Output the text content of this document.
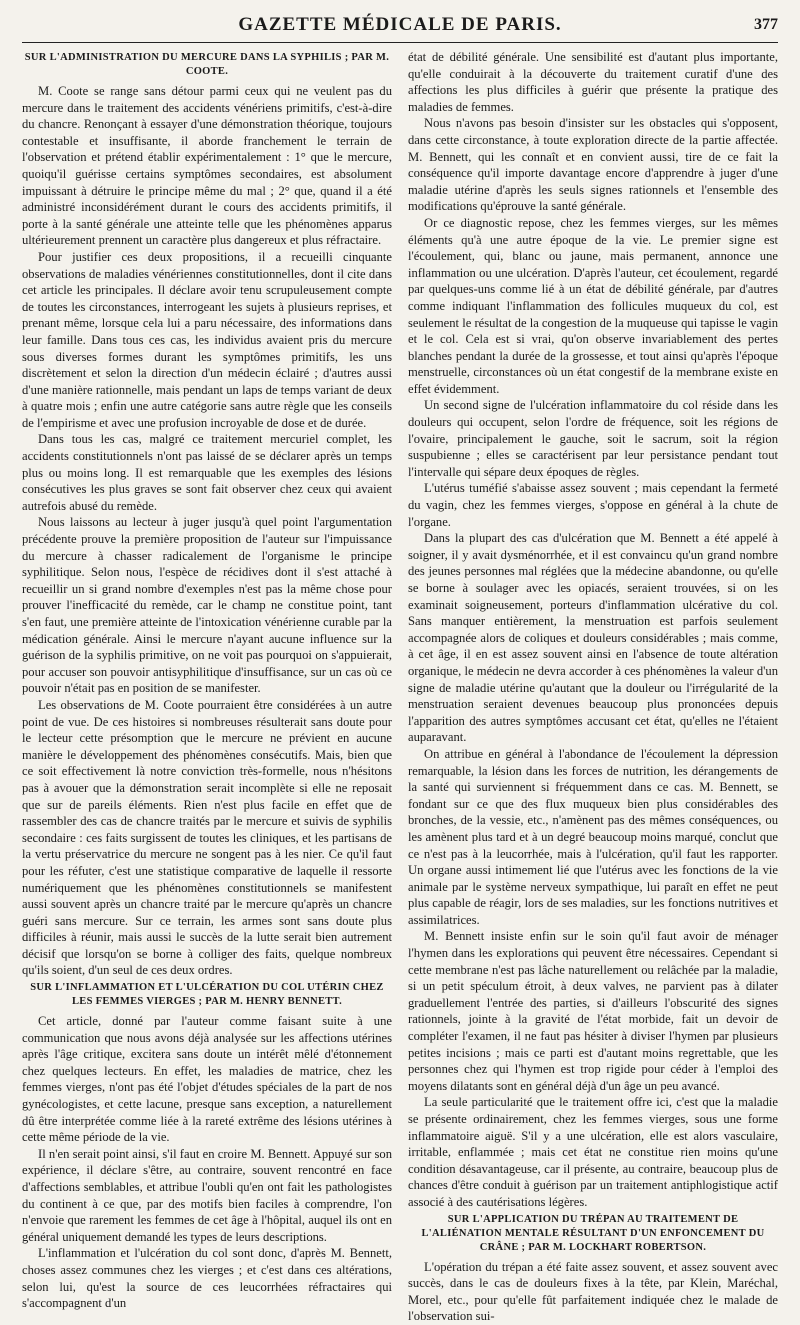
GAZETTE MÉDICALE DE PARIS.	377
SUR L'ADMINISTRATION DU MERCURE DANS LA SYPHILIS ; PAR M. COOTE.

M. Coote se range sans détour parmi ceux qui ne veulent pas du mercure dans le traitement des accidents vénériens primitifs, c'est-à-dire du chancre. Renonçant à essayer d'une démonstration théorique, toujours contestable et insuffisante, il aborde franchement le terrain de l'observation et prétend établir expérimentalement : 1° que le mercure, quoiqu'il guérisse certains symptômes secondaires, est absolument impuissant à détruire le principe même du mal ; 2° que, quand il a été administré inconsidérément durant le cours des accidents primitifs, il porte à la santé générale une atteinte telle que les phénomènes apparus ultérieurement prennent un caractère plus dangereux et plus réfractaire.

Pour justifier ces deux propositions, il a recueilli cinquante observations de maladies vénériennes constitutionnelles, dont il cite dans cet article les principales. Il déclare avoir tenu scrupuleusement compte de toutes les circonstances, interrogeant les sujets à plusieurs reprises, et prenant même, lorsque cela lui a paru nécessaire, des informations dans leur famille. Dans tous ces cas, les individus avaient pris du mercure sous diverses formes durant les symptômes primitifs, les uns discrètement et selon la direction d'un médecin éclairé ; d'autres aussi d'une manière rationnelle, mais pendant un laps de temps variant de deux à quatre mois ; enfin une autre catégorie sans autre règle que les conseils de l'empirisme et avec une profusion incroyable de dose et de durée.

Dans tous les cas, malgré ce traitement mercuriel complet, les accidents constitutionnels n'ont pas laissé de se déclarer après un temps plus ou moins long. Il est remarquable que les exemples des lésions consécutives les plus graves se sont fait observer chez ceux qui avaient autrefois abusé du remède.

Nous laissons au lecteur à juger jusqu'à quel point l'argumentation précédente prouve la première proposition de l'auteur sur l'impuissance du mercure à chasser radicalement de l'organisme le principe syphilitique. Selon nous, l'espèce de récidives dont il s'est attaché à recueillir un si grand nombre d'exemples n'est pas la même chose pour prouver l'inefficacité du remède, car le champ ne constitue point, tant s'en faut, une première atteinte de l'intoxication vénérienne curable par la médication générale. Ainsi le mercure n'ayant aucune influence sur la guérison de la syphilis primitive, on ne voit pas pourquoi on s'appuierait, pour accuser son pouvoir antisyphilitique d'insuffisance, sur un cas où ce pouvoir n'était pas en position de se manifester.

Les observations de M. Coote pourraient être considérées à un autre point de vue. De ces histoires si nombreuses résulterait sans doute pour le lecteur cette présomption que le mercure ne prévient en aucune manière le développement des phénomènes consécutifs. Mais, bien que ce soit effectivement là notre conviction très-formelle, nous n'hésitons pas à avouer que la démonstration serait incomplète si elle ne reposait que sur de pareils éléments. Rien n'est plus facile en effet que de rassembler des cas de chancre traités par le mercure et suivis de syphilis secondaire : ces faits surgissent de toutes les cliniques, et les partisans de la vertu préservatrice du mercure ne songent pas à les nier. Ce qu'il faut pour les réfuter, c'est une statistique comparative de laquelle il ressorte numériquement que les phénomènes constitutionnels se manifestent aussi souvent après un chancre traité par le mercure qu'après un chancre guéri sans mercure. Sur ce terrain, les armes sont sans doute plus difficiles à réunir, mais aussi le succès de la lutte serait bien autrement décisif que lorsqu'on se borne à colliger des faits, quelque nombreux qu'ils soient, d'un seul de ces deux ordres.

SUR L'INFLAMMATION ET L'ULCÉRATION DU COL UTÉRIN CHEZ LES FEMMES VIERGES ; PAR M. HENRY BENNETT.

Cet article, donné par l'auteur comme faisant suite à une communication que nous avons déjà analysée sur les affections utérines après l'âge critique, excitera sans doute un intérêt mêlé d'étonnement chez quelques lecteurs. En effet, les maladies de matrice, chez les femmes vierges, n'ont pas été l'objet d'études spéciales de la part de nos gynécologistes, et cette lacune, presque sans exception, a naturellement dû être interprétée comme liée à la rareté extrême des lésions utérines à cette même période de la vie.

Il n'en serait point ainsi, s'il faut en croire M. Bennett. Appuyé sur son expérience, il déclare s'être, au contraire, souvent rencontré en face d'affections semblables, et attribue l'oubli qu'en ont fait les pathologistes du continent à ce que, par des motifs bien faciles à comprendre, l'on n'envoie que rarement les femmes de cet âge à l'hôpital, auquel ils ont en général uniquement demandé les types de leurs descriptions.

L'inflammation et l'ulcération du col sont donc, d'après M. Bennett, choses assez communes chez les vierges ; et c'est dans ces altérations, selon lui, qu'est la source de ces leucorrhées réfractaires qui s'accompagnent d'un

état de débilité générale. Une sensibilité est d'autant plus importante, qu'elle conduirait à la découverte du traitement curatif d'une des affections les plus difficiles à guérir que présente la pratique des maladies de femmes.

Nous n'avons pas besoin d'insister sur les obstacles qui s'opposent, dans cette circonstance, à toute exploration directe de la partie affectée. M. Bennett, qui les connaît et en convient aussi, tire de ce fait la conséquence qu'il importe davantage encore d'apprendre à juger d'une maladie utérine d'après les seuls signes rationnels et l'ensemble des modifications qu'éprouve la santé générale.

Or ce diagnostic repose, chez les femmes vierges, sur les mêmes éléments qu'à une autre époque de la vie. Le premier signe est l'écoulement, qui, blanc ou jaune, mais permanent, annonce une inflammation ou une ulcération. D'après l'auteur, cet écoulement, regardé par quelques-uns comme lié à un état de débilité générale, par d'autres comme indiquant l'inflammation des follicules muqueux du col, est seulement le résultat de la congestion de la muqueuse qui tapisse le vagin et le col. Cela est si vrai, qu'on observe invariablement des pertes blanches pendant la durée de la grossesse, et tout ainsi qu'après l'époque menstruelle, circonstances où un état congestif de la membrane existe en effet évidemment.

Un second signe de l'ulcération inflammatoire du col réside dans les douleurs qui occupent, selon l'ordre de fréquence, soit les régions de l'ovaire, principalement le gauche, soit le sacrum, soit la région suspubienne ; elles se caractérisent par leur persistance pendant tout l'intervalle qui sépare deux époques de règles.

L'utérus tuméfié s'abaisse assez souvent ; mais cependant la fermeté du vagin, chez les femmes vierges, s'oppose en général à la chute de l'organe.

Dans la plupart des cas d'ulcération que M. Bennett a été appelé à soigner, il y avait dysménorrhée, et il est convaincu qu'un grand nombre des jeunes personnes mal réglées que la médecine abandonne, ou qu'elle se borne à soulager avec les opiacés, seraient trouvées, si on les examinait soigneusement, porteurs d'inflammation ulcérative du col. Sans manquer entièrement, la menstruation est parfois seulement accompagnée alors de coliques et douleurs considérables ; mais comme, à cet âge, il en est assez souvent ainsi en l'absence de toute altération organique, le médecin ne devra accorder à ces phénomènes la valeur d'un signe de maladie utérine qu'autant que la douleur ou l'irrégularité de la menstruation seraient devenues beaucoup plus prononcées depuis l'apparition des autres symptômes accusant cet état, qu'elles ne l'étaient auparavant.

On attribue en général à l'abondance de l'écoulement la dépression remarquable, la lésion dans les forces de nutrition, les dérangements de la santé qui surviennent si fréquemment dans ce cas. M. Bennett, se fondant sur ce que des flux muqueux bien plus considérables des bronches, de la vessie, etc., n'amènent pas des mêmes conséquences, ou les amènent plus tard et à un degré beaucoup moins marqué, conclut que ce n'est pas à la leucorrhée, mais à l'ulcération, qu'il faut les rapporter. Un organe aussi intimement lié que l'utérus avec les fonctions de la vie animale par le système nerveux sympathique, lui paraît en effet ne peut plus capable de réagir, lors de ses maladies, sur les fonctions nutritives et assimilatrices.

M. Bennett insiste enfin sur le soin qu'il faut avoir de ménager l'hymen dans les explorations qui peuvent être nécessaires. Cependant si cette membrane n'est pas lâche naturellement ou relâchée par la maladie, si un petit spéculum étroit, à deux valves, ne parvient pas à dilater graduellement l'entrée des parties, si d'ailleurs l'obscurité des signes rationnels, jointe à la gravité de l'état morbide, fait un devoir de compléter l'examen, il ne faut pas hésiter à diviser l'hymen par plusieurs petites incisions ; mais ce parti est d'autant moins regrettable, que les personnes chez qui l'hymen est trop rigide pour céder à l'emploi des moyens dilatants sont en général déjà d'un âge un peu avancé.

La seule particularité que le traitement offre ici, c'est que la maladie se présente ordinairement, chez les femmes vierges, sous une forme inflammatoire aiguë. S'il y a une ulcération, elle est alors vasculaire, irritable, enflammée ; mais cet état ne constitue rien moins qu'une condition désavantageuse, car il présente, au contraire, beaucoup plus de chances d'être conduit à guérison par un traitement antiphlogistique actif associé à des cautérisations légères.

SUR L'APPLICATION DU TRÉPAN AU TRAITEMENT DE L'ALIÉNATION MENTALE RÉSULTANT D'UN ENFONCEMENT DU CRÂNE ; PAR M. LOCKHART ROBERTSON.

L'opération du trépan a été faite assez souvent, et assez souvent avec succès, dans le cas de douleurs fixes à la tête, par Klein, Maréchal, Morel, etc., pour qu'elle fût parfaitement indiquée chez le malade de l'observation sui-
